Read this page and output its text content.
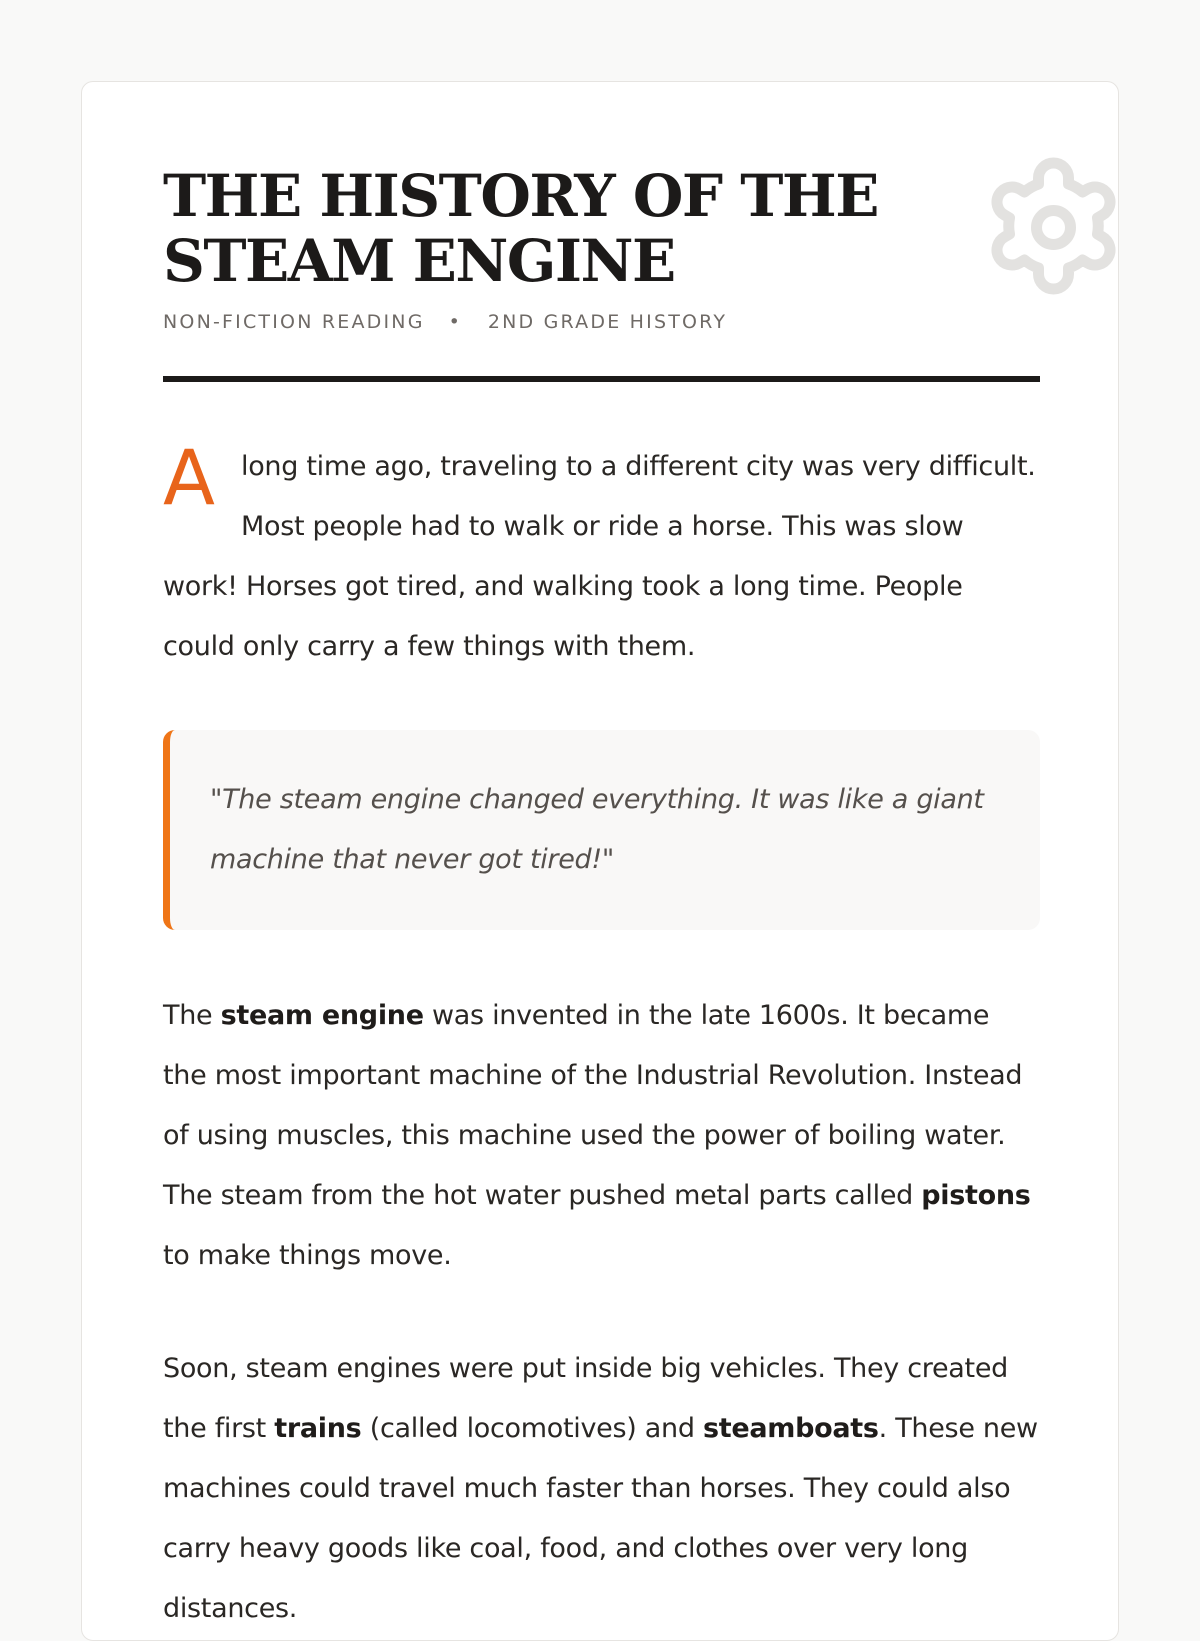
THE HISTORY OF THE STEAM ENGINE
NON-FICTION READING • 2ND GRADE HISTORY

A long time ago, traveling to a different city was very difficult. Most people had to walk or ride a horse. This was slow work! Horses got tired, and walking took a long time. People could only carry a few things with them.

"The steam engine changed everything. It was like a giant machine that never got tired!"

The steam engine was invented in the late 1600s. It became the most important machine of the Industrial Revolution. Instead of using muscles, this machine used the power of boiling water. The steam from the hot water pushed metal parts called pistons to make things move.

Soon, steam engines were put inside big vehicles. They created the first trains (called locomotives) and steamboats. These new machines could travel much faster than horses. They could also carry heavy goods like coal, food, and clothes over very long distances.
